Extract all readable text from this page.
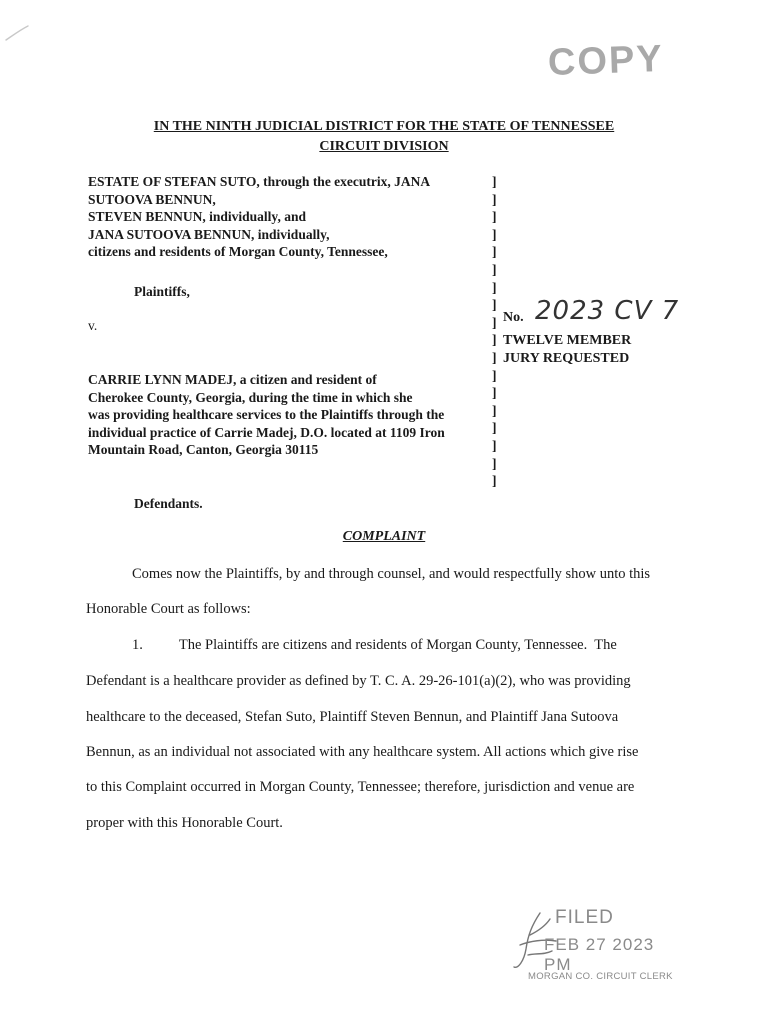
COPY
IN THE NINTH JUDICIAL DISTRICT FOR THE STATE OF TENNESSEE
CIRCUIT DIVISION
ESTATE OF STEFAN SUTO, through the executrix, JANA
SUTOOVA BENNUN,
STEVEN BENNUN, individually, and
JANA SUTOOVA BENNUN, individually,
citizens and residents of Morgan County, Tennessee,
Plaintiffs,
v.
CARRIE LYNN MADEJ, a citizen and resident of
Cherokee County, Georgia, during the time in which she
was providing healthcare services to the Plaintiffs through the
individual practice of Carrie Madej, D.O. located at 1109 Iron
Mountain Road, Canton, Georgia 30115
Defendants.
]
]
]
]
]
]
]
]
]
]
]
]
]
]
]
]
]
]
No. 2023 CV 7
TWELVE MEMBER
JURY REQUESTED
COMPLAINT
Comes now the Plaintiffs, by and through counsel, and would respectfully show unto this
Honorable Court as follows:
1.          The Plaintiffs are citizens and residents of Morgan County, Tennessee.  The
Defendant is a healthcare provider as defined by T. C. A. 29-26-101(a)(2), who was providing
healthcare to the deceased, Stefan Suto, Plaintiff Steven Bennun, and Plaintiff Jana Sutoova
Bennun, as an individual not associated with any healthcare system. All actions which give rise
to this Complaint occurred in Morgan County, Tennessee; therefore, jurisdiction and venue are
proper with this Honorable Court.
FILED
FEB 27 2023 PM
MORGAN CO. CIRCUIT CLERK
